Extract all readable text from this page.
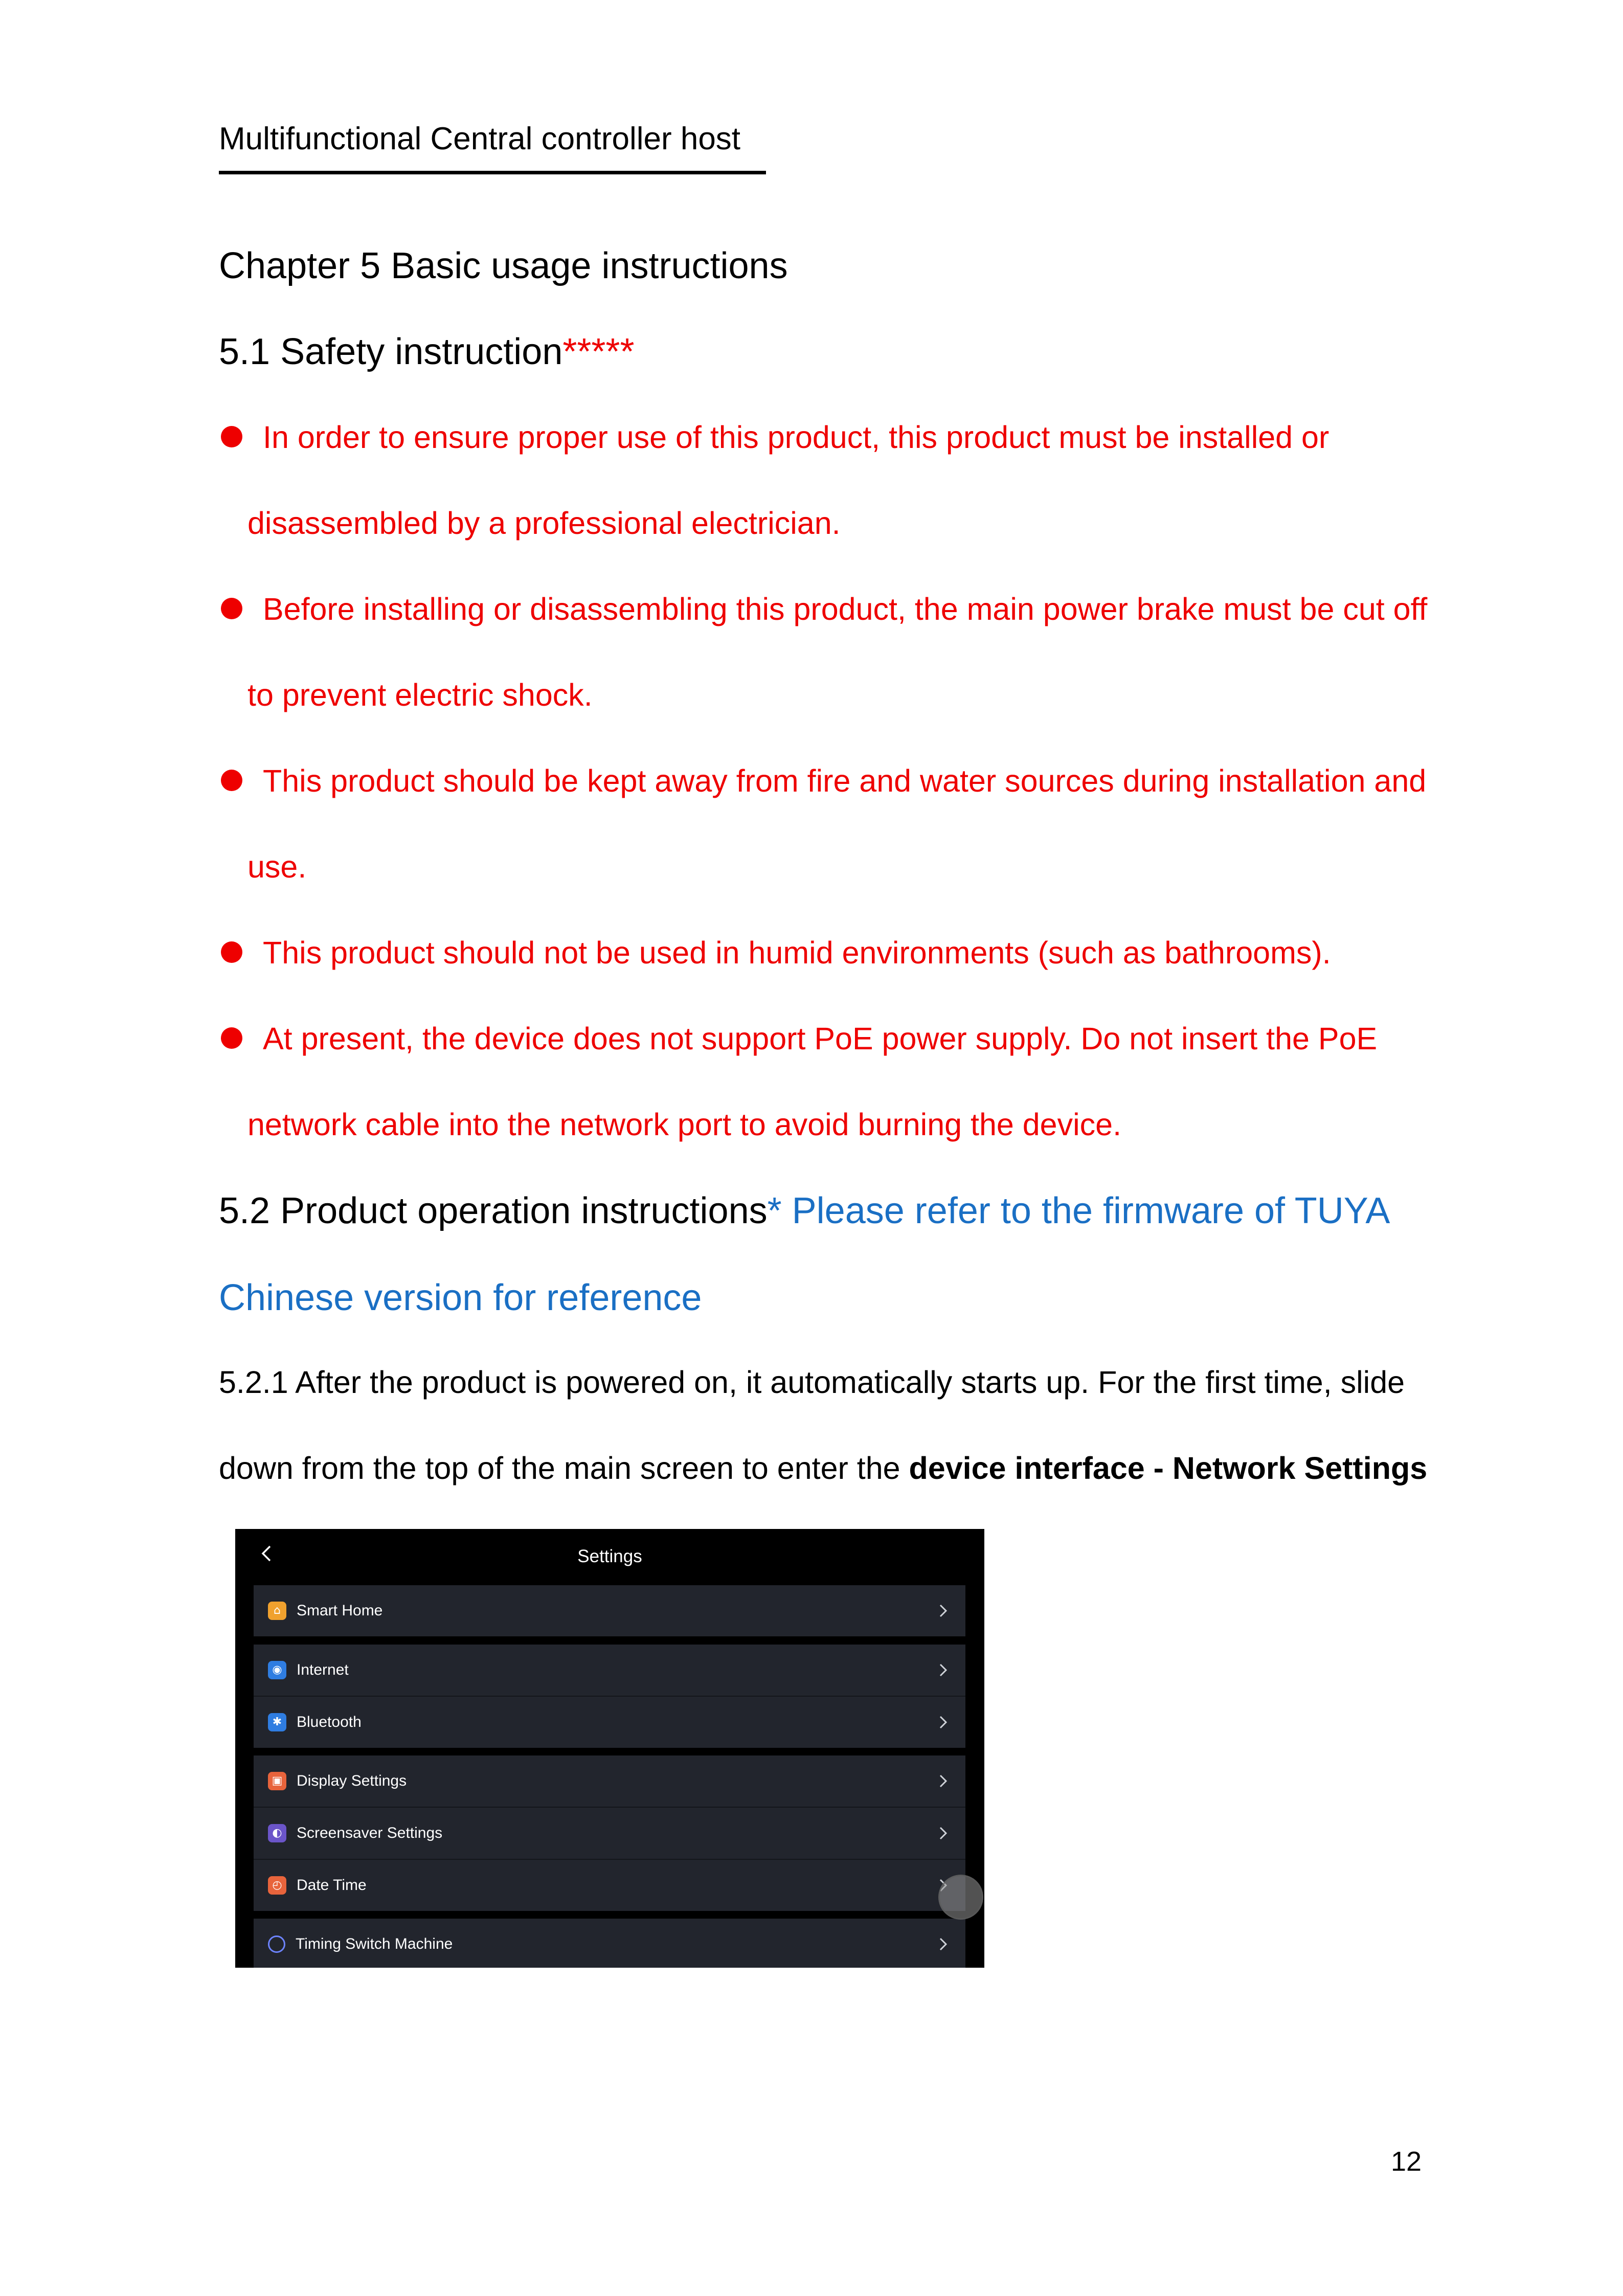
Multifunctional Central controller host
Chapter 5 Basic usage instructions
5.1 Safety instruction*****
In order to ensure proper use of this product, this product must be installed or
disassembled by a professional electrician.
Before installing or disassembling this product, the main power brake must be cut off
to prevent electric shock.
This product should be kept away from fire and water sources during installation and
use.
This product should not be used in humid environments (such as bathrooms).
At present, the device does not support PoE power supply. Do not insert the PoE
network cable into the network port to avoid burning the device.
5.2 Product operation instructions* Please refer to the firmware of TUYA
Chinese version for reference
5.2.1 After the product is powered on, it automatically starts up. For the first time, slide
down from the top of the main screen to enter the device interface - Network Settings
Settings
⌂	Smart Home
◉ Internet
✱ Bluetooth
▣ Display Settings
◐ Screensaver Settings
◴ Date Time
Timing Switch Machine
12
